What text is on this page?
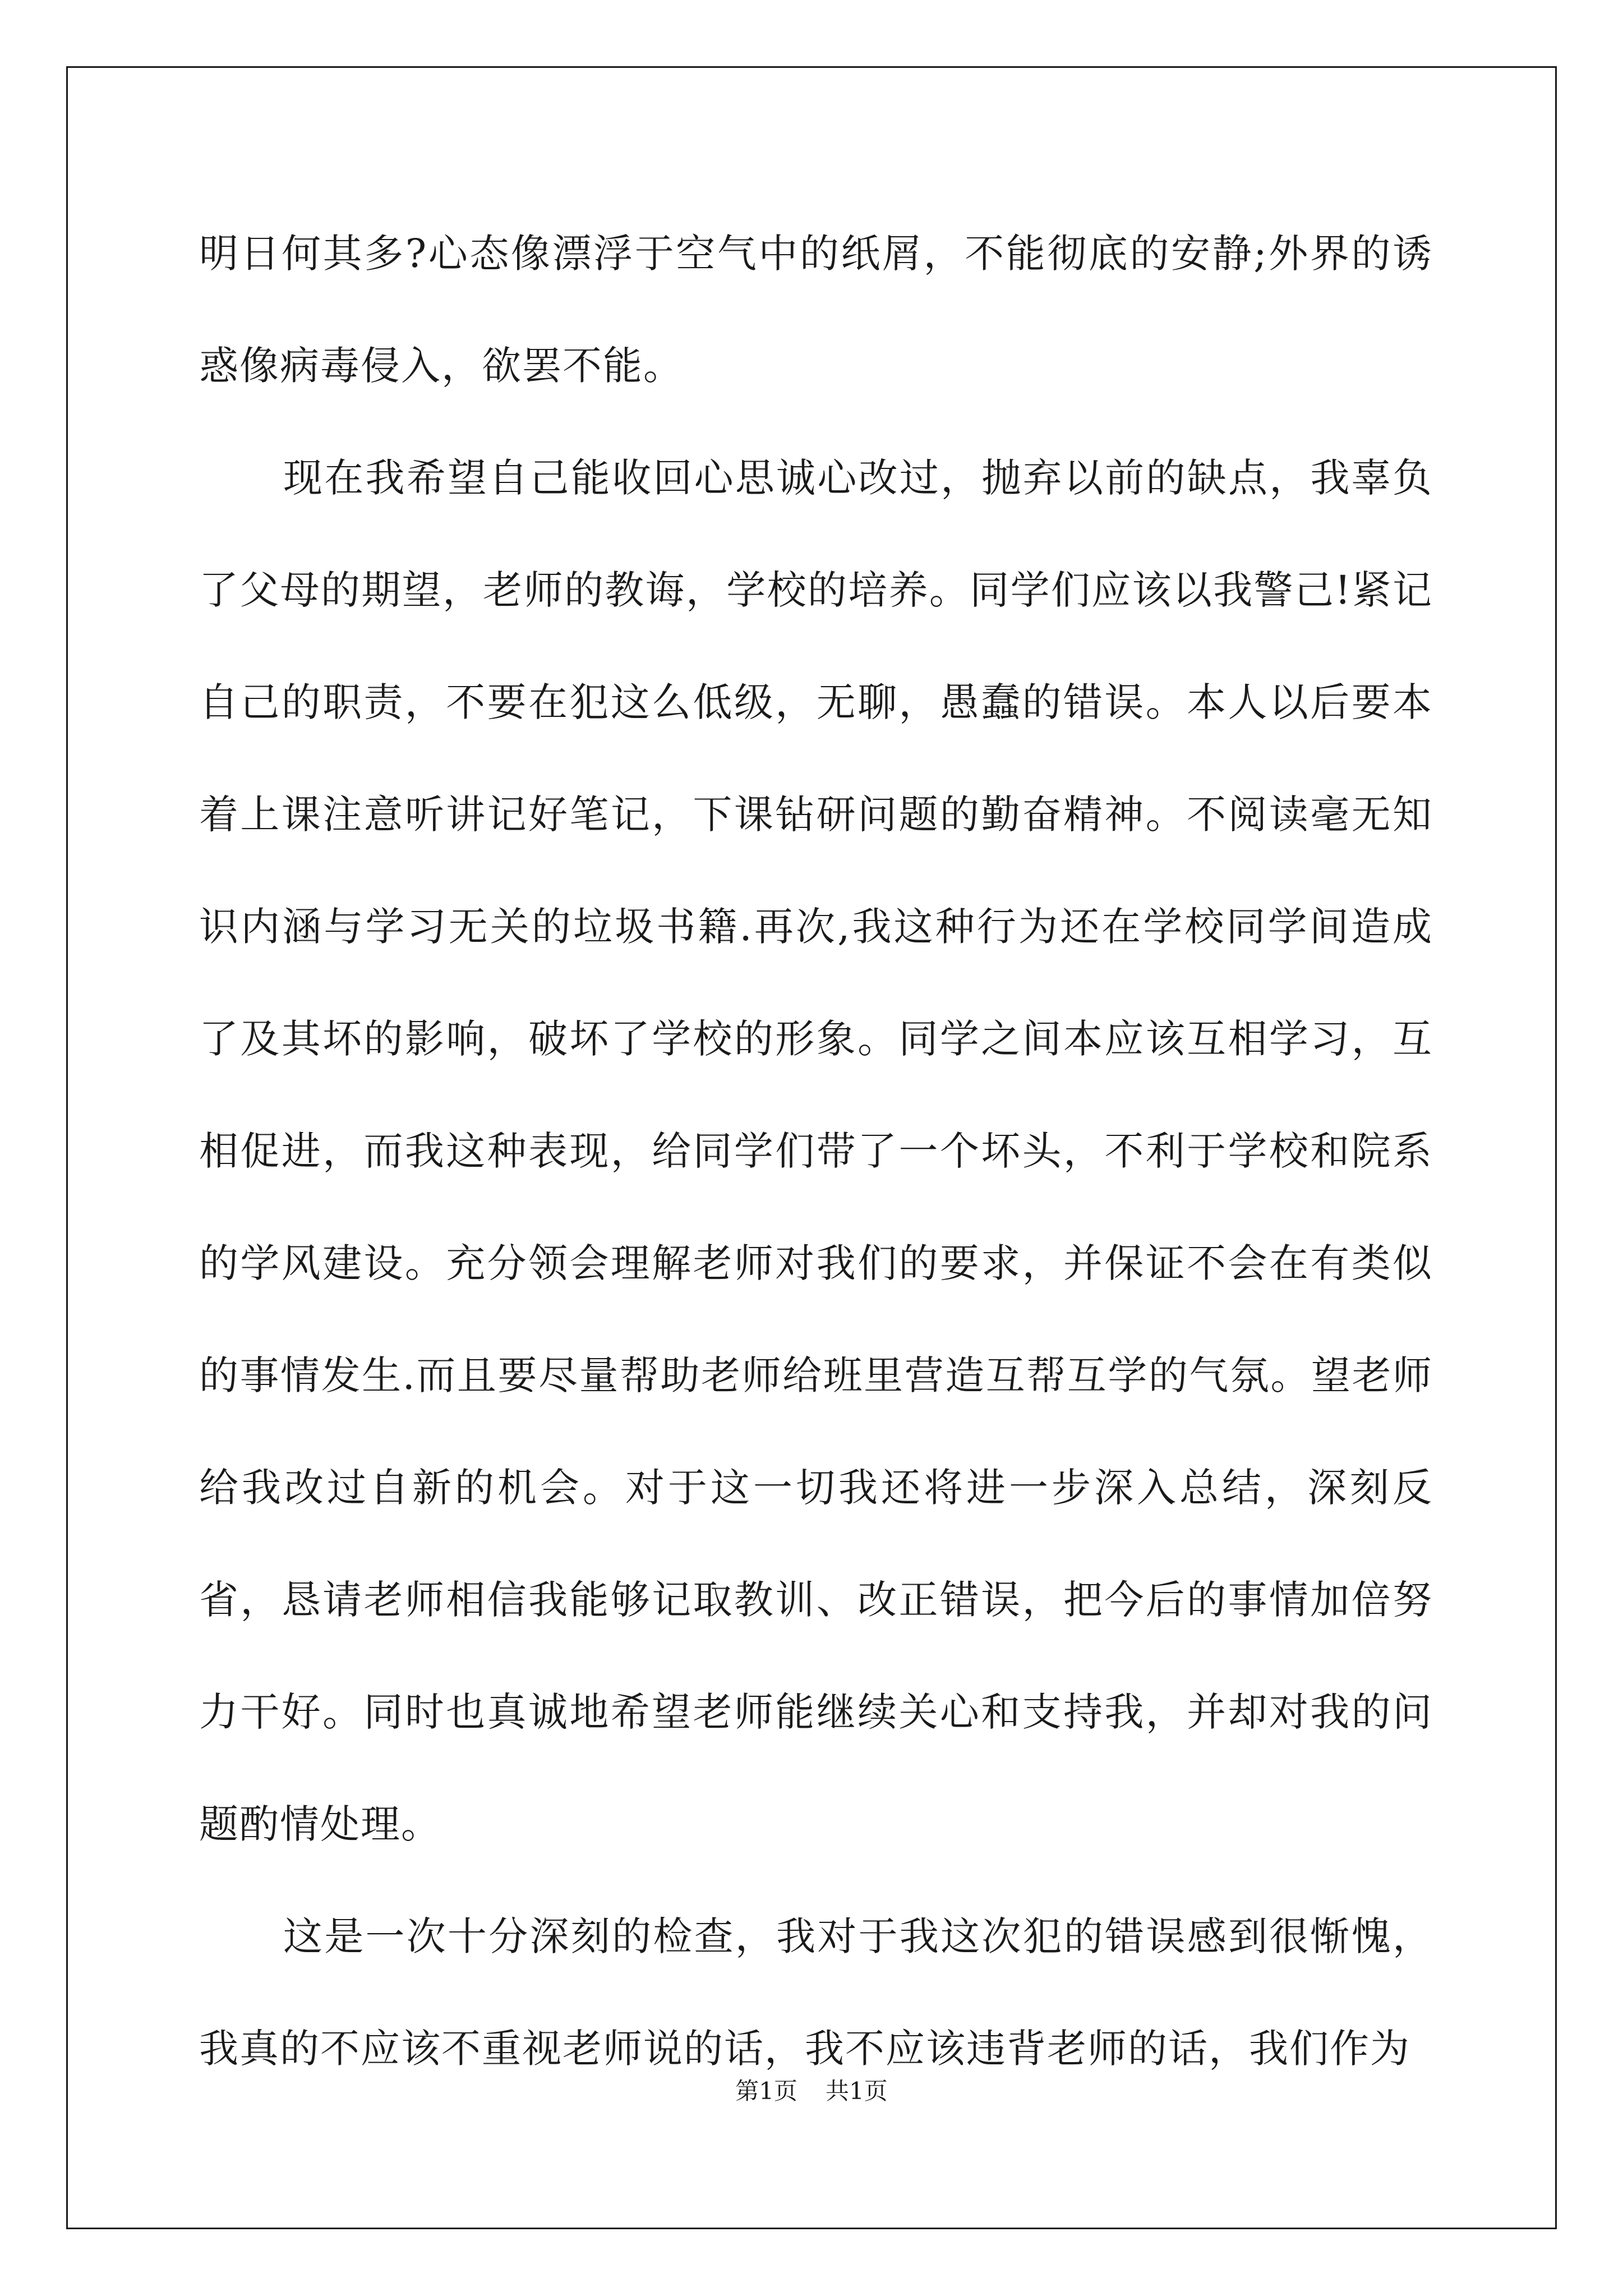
明日何其多?心态像漂浮于空气中的纸屑，不能彻底的安静;外界的诱惑像病毒侵入，欲罢不能。

现在我希望自己能收回心思诚心改过，抛弃以前的缺点，我辜负了父母的期望，老师的教诲，学校的培养。同学们应该以我警己!紧记自己的职责，不要在犯这么低级，无聊，愚蠢的错误。本人以后要本着上课注意听讲记好笔记，下课钻研问题的勤奋精神。不阅读毫无知识内涵与学习无关的垃圾书籍.再次,我这种行为还在学校同学间造成了及其坏的影响，破坏了学校的形象。同学之间本应该互相学习，互相促进，而我这种表现，给同学们带了一个坏头，不利于学校和院系的学风建设。充分领会理解老师对我们的要求，并保证不会在有类似的事情发生.而且要尽量帮助老师给班里营造互帮互学的气氛。望老师给我改过自新的机会。对于这一切我还将进一步深入总结，深刻反省，恳请老师相信我能够记取教训、改正错误，把今后的事情加倍努力干好。同时也真诚地希望老师能继续关心和支持我，并却对我的问题酌情处理。

这是一次十分深刻的检查，我对于我这次犯的错误感到很惭愧，我真的不应该不重视老师说的话，我不应该违背老师的话，我们作为

第1页 共1页
